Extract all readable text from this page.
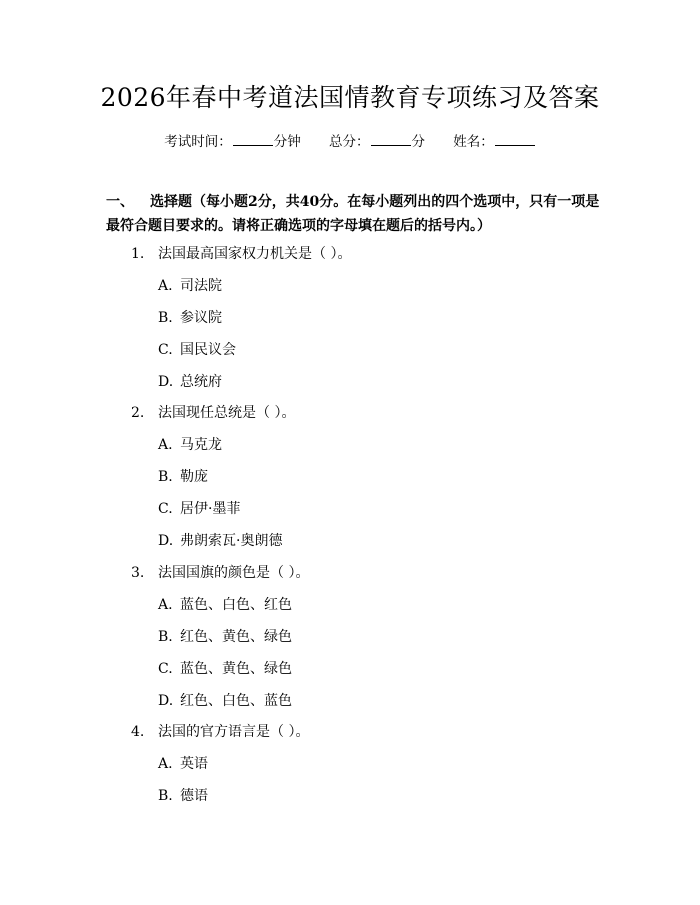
2026年春中考道法国情教育专项练习及答案
考试时间：	分钟 总分：	分 姓名：
一、 选择题（每小题2分，共40分。在每小题列出的四个选项中，只有一项是最符合题目要求的。请将正确选项的字母填在题后的括号内。）
1. 法国最高国家权力机关是（ ）。
A. 司法院
B. 参议院
C. 国民议会
D. 总统府
2. 法国现任总统是（ ）。
A. 马克龙
B. 勒庞
C. 居伊·墨菲
D. 弗朗索瓦·奥朗德
3. 法国国旗的颜色是（ ）。
A. 蓝色、白色、红色
B. 红色、黄色、绿色
C. 蓝色、黄色、绿色
D. 红色、白色、蓝色
4. 法国的官方语言是（ ）。
A. 英语
B. 德语
